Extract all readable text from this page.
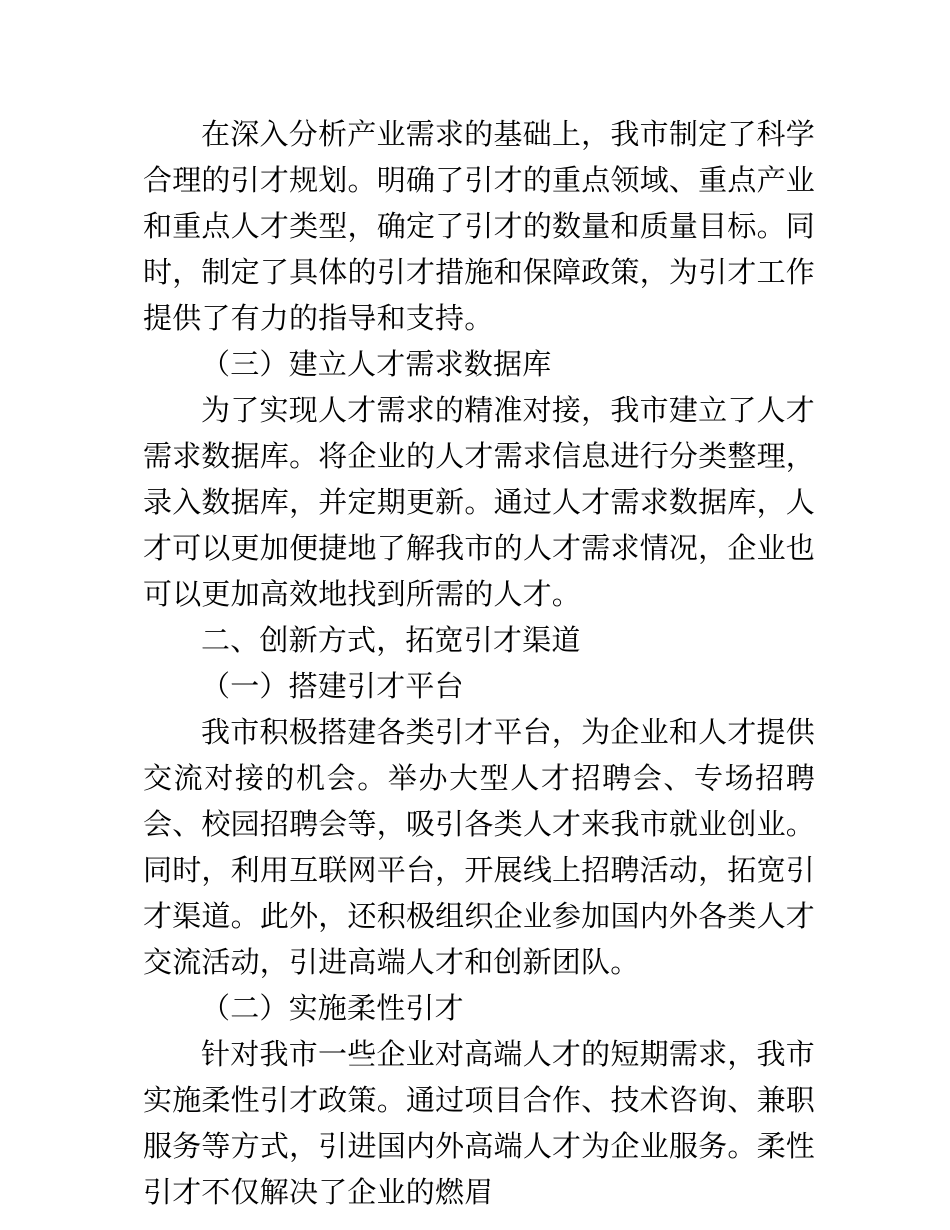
在深入分析产业需求的基础上，我市制定了科学合理的引才规划。明确了引才的重点领域、重点产业和重点人才类型，确定了引才的数量和质量目标。同时，制定了具体的引才措施和保障政策，为引才工作提供了有力的指导和支持。

（三）建立人才需求数据库

为了实现人才需求的精准对接，我市建立了人才需求数据库。将企业的人才需求信息进行分类整理，录入数据库，并定期更新。通过人才需求数据库，人才可以更加便捷地了解我市的人才需求情况，企业也可以更加高效地找到所需的人才。

二、创新方式，拓宽引才渠道

（一）搭建引才平台

我市积极搭建各类引才平台，为企业和人才提供交流对接的机会。举办大型人才招聘会、专场招聘会、校园招聘会等，吸引各类人才来我市就业创业。同时，利用互联网平台，开展线上招聘活动，拓宽引才渠道。此外，还积极组织企业参加国内外各类人才交流活动，引进高端人才和创新团队。

（二）实施柔性引才

针对我市一些企业对高端人才的短期需求，我市实施柔性引才政策。通过项目合作、技术咨询、兼职服务等方式，引进国内外高端人才为企业服务。柔性引才不仅解决了企业的燃眉
